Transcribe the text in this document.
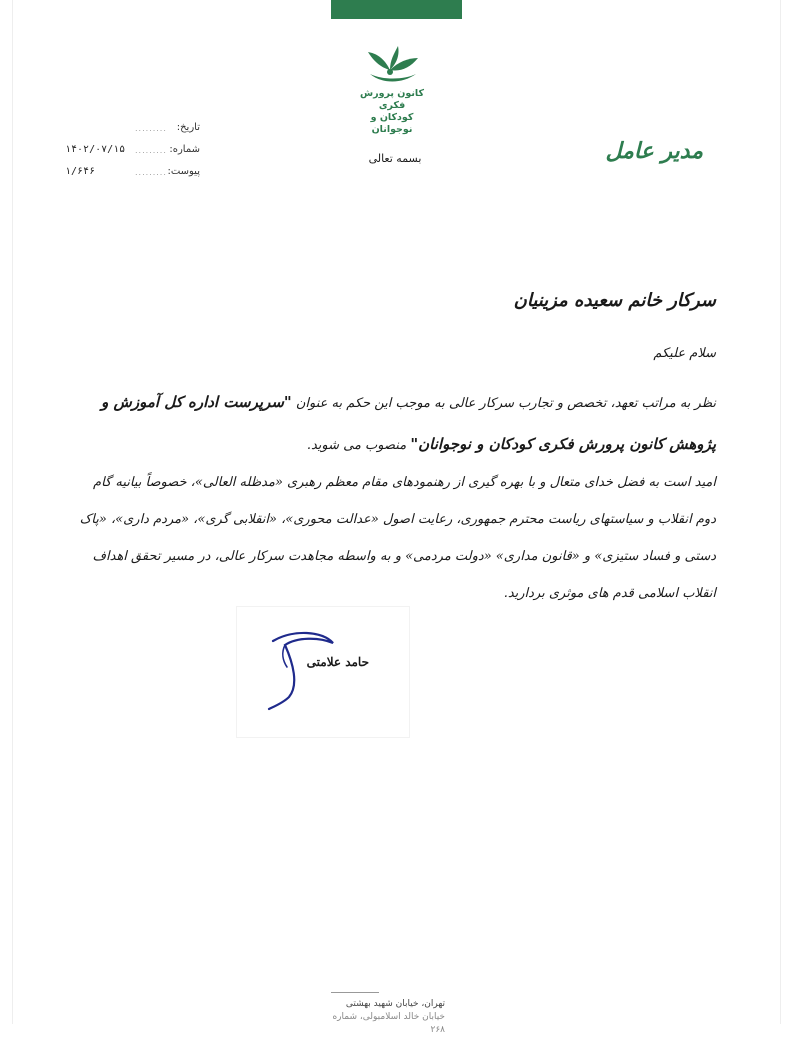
کانون پرورش فکری
کودکان و نوجوانان
......... تاریخ:
۱۴۰۲/۰۷/۱۵ ......... شماره:
۱/۶۴۶	......... پیوست:
بسمه تعالی	مدیر عامل
سرکار خانم سعیده مزینیان
سلام علیکم
نظر به مراتب تعهد، تخصص و تجارب سرکار عالی به موجب این حکم به عنوان "سرپرست اداره کل آموزش و پژوهش کانون پرورش فکری کودکان و نوجوانان" منصوب می شوید.
امید است به فضل خدای متعال و با بهره گیری از رهنمودهای مقام معظم رهبری «مدظله العالی»، خصوصاً بیانیه گام دوم انقلاب و سیاستهای ریاست محترم جمهوری، رعایت اصول «عدالت محوری»، «انقلابی گری»، «مردم داری»، «پاک دستی و فساد ستیزی» و «قانون مداری» «دولت مردمی» و به واسطه مجاهدت سرکار عالی، در مسیر تحقق اهداف انقلاب اسلامی قدم های موثری بردارید.
حامد علامتی
تهران، خیابان شهید بهشتی
خیابان خالد اسلامبولی، شماره ۲۶۸
